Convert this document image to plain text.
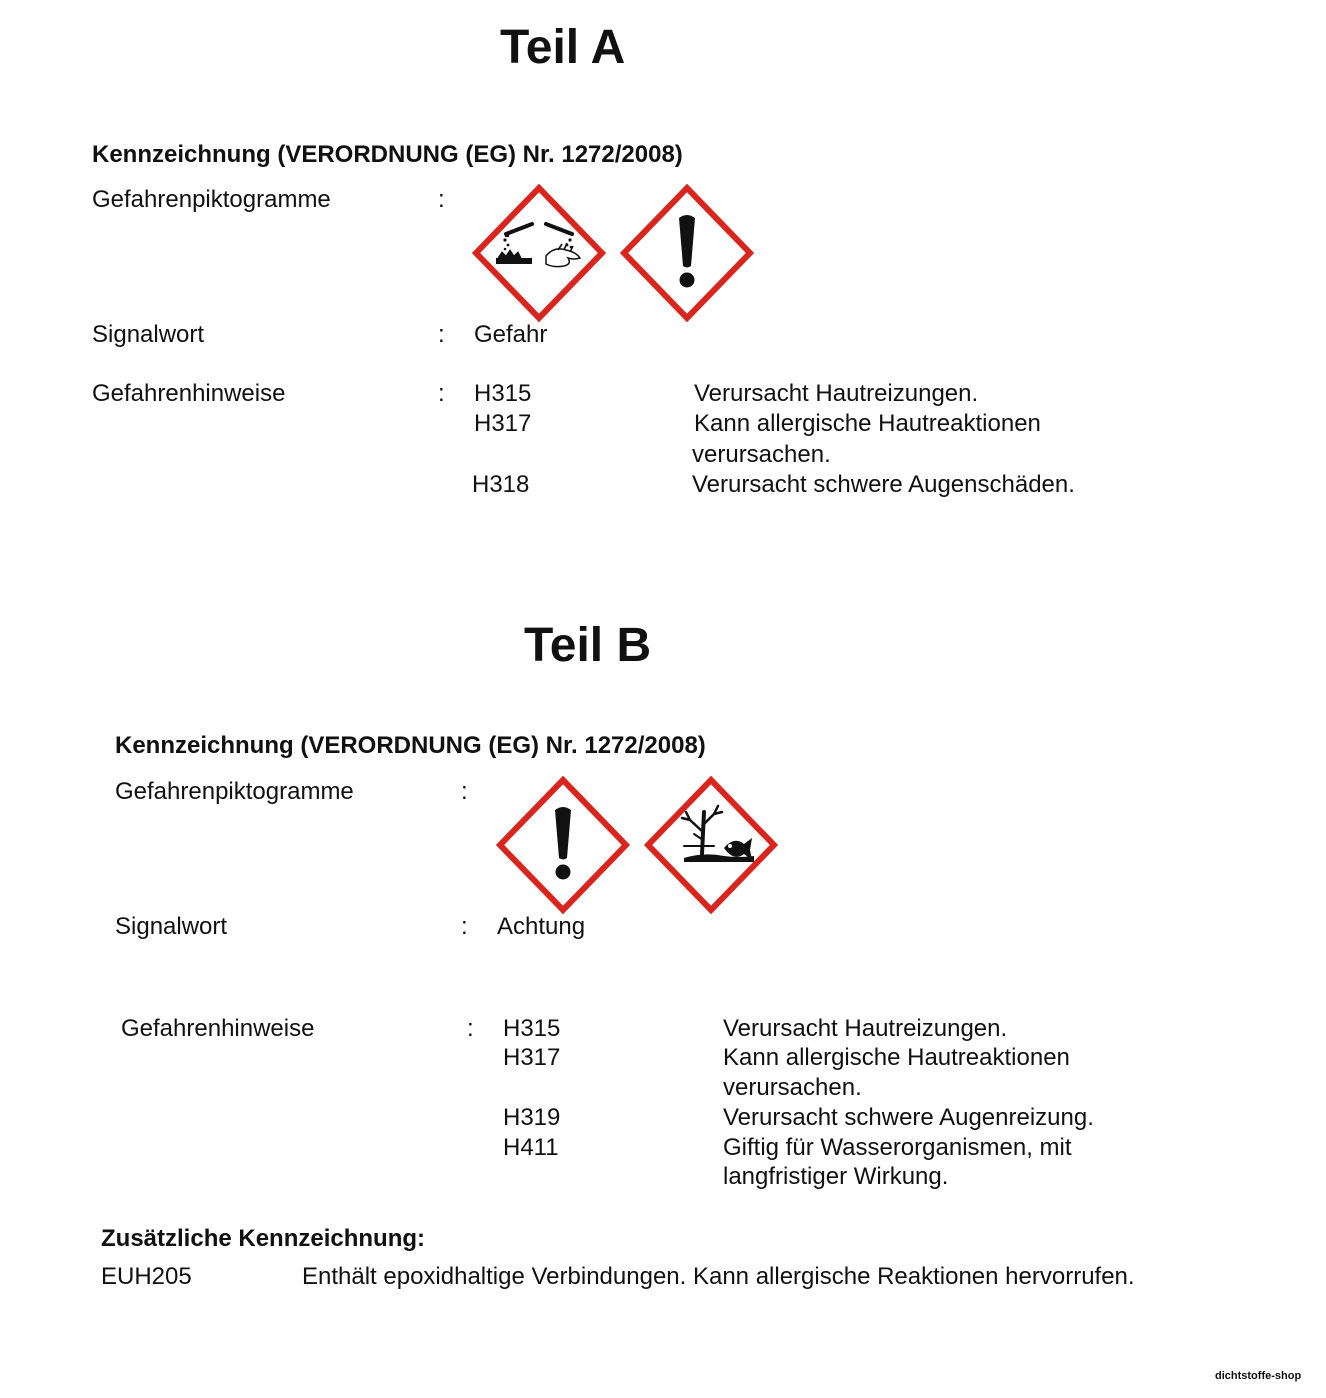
Teil A
Kennzeichnung (VERORDNUNG (EG) Nr. 1272/2008)
Gefahrenpiktogramme	:
Signalwort	: Gefahr
Gefahrenhinweise	: H315	Verursacht Hautreizungen.
H317	Kann allergische Hautreaktionen
verursachen.
H318	Verursacht schwere Augenschäden.
Teil B
Kennzeichnung (VERORDNUNG (EG) Nr. 1272/2008)
Gefahrenpiktogramme	:
Signalwort	: Achtung
Gefahrenhinweise	: H315	Verursacht Hautreizungen.
H317	Kann allergische Hautreaktionen
verursachen.
H319	Verursacht schwere Augenreizung.
H411	Giftig für Wasserorganismen, mit
langfristiger Wirkung.
Zusätzliche Kennzeichnung:
EUH205	Enthält epoxidhaltige Verbindungen. Kann allergische Reaktionen hervorrufen.
dichtstoffe-shop
